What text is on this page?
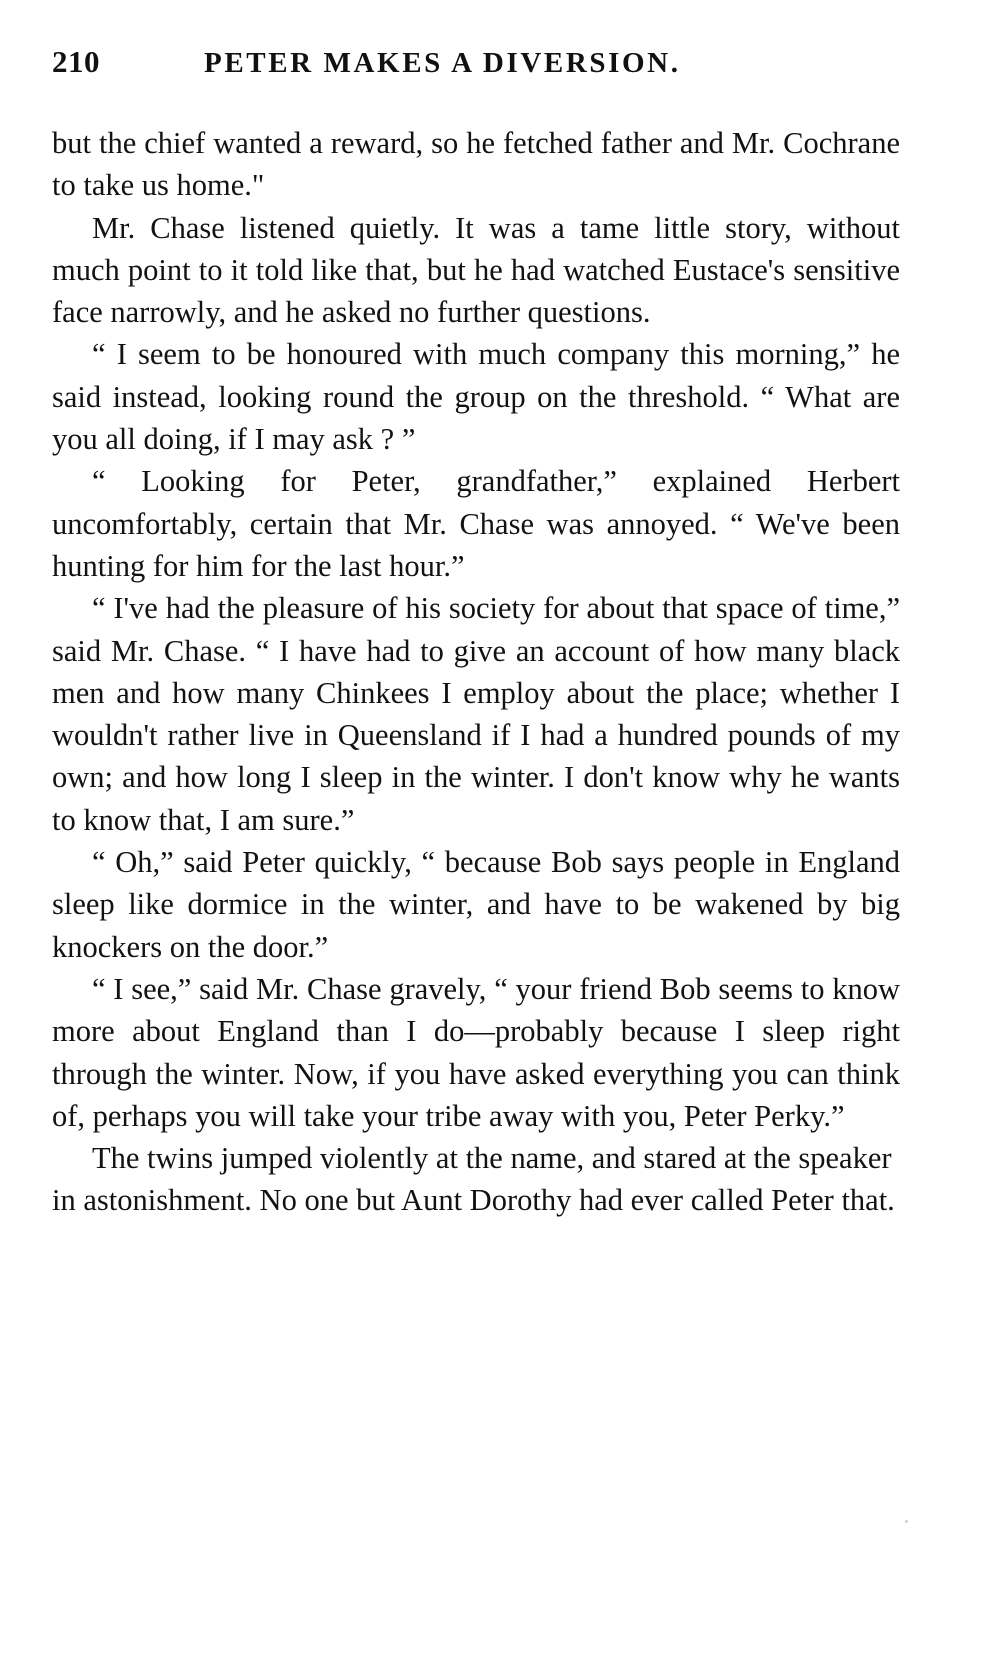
210	PETER MAKES A DIVERSION.

but the chief wanted a reward, so he fetched father and Mr. Cochrane to take us home."

Mr. Chase listened quietly. It was a tame little story, without much point to it told like that, but he had watched Eustace's sensitive face narrowly, and he asked no further questions.

“ I seem to be honoured with much company this morning,” he said instead, looking round the group on the threshold. “ What are you all doing, if I may ask ? ”

“ Looking for Peter, grandfather,” explained Herbert uncomfortably, certain that Mr. Chase was annoyed. “ We've been hunting for him for the last hour.”

“ I've had the pleasure of his society for about that space of time,” said Mr. Chase. “ I have had to give an account of how many black men and how many Chinkees I employ about the place; whether I wouldn't rather live in Queensland if I had a hundred pounds of my own; and how long I sleep in the winter. I don't know why he wants to know that, I am sure.”

“ Oh,” said Peter quickly, “ because Bob says people in England sleep like dormice in the winter, and have to be wakened by big knockers on the door.”

“ I see,” said Mr. Chase gravely, “ your friend Bob seems to know more about England than I do—probably because I sleep right through the winter. Now, if you have asked everything you can think of, perhaps you will take your tribe away with you, Peter Perky.”

The twins jumped violently at the name, and stared at the speaker in astonishment. No one but Aunt Dorothy had ever called Peter that.
